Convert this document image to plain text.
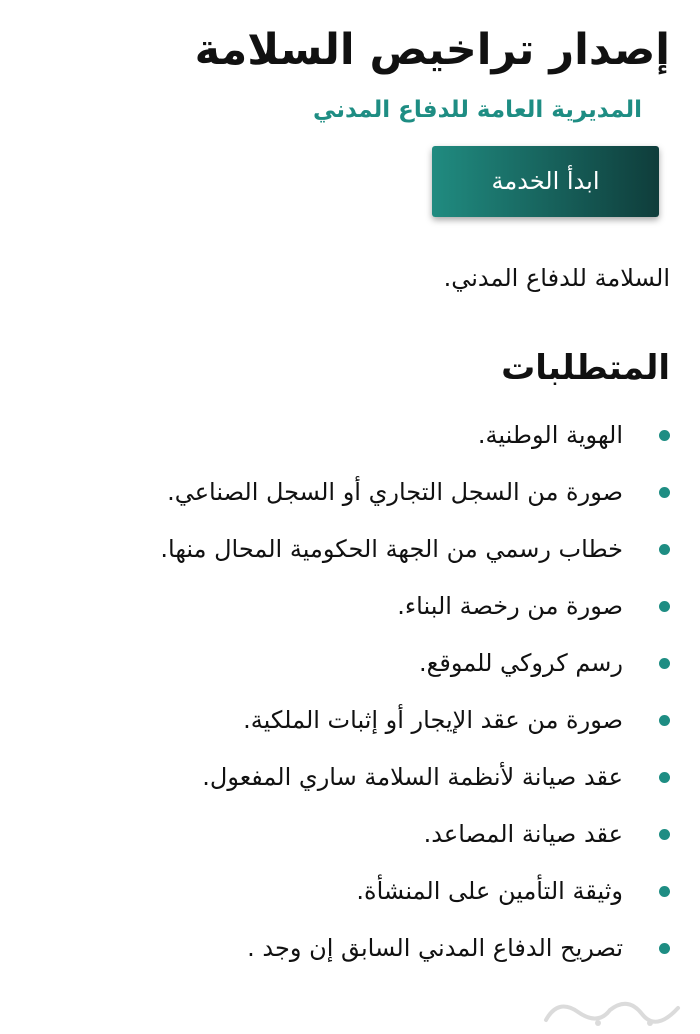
إصدار تراخيص السلامة
المديرية العامة للدفاع المدني
ابدأ الخدمة

السلامة للدفاع المدني.

المتطلبات
الهوية الوطنية.
صورة من السجل التجاري أو السجل الصناعي.
خطاب رسمي من الجهة الحكومية المحال منها.
صورة من رخصة البناء.
رسم كروكي للموقع.
صورة من عقد الإيجار أو إثبات الملكية.
عقد صيانة لأنظمة السلامة ساري المفعول.
عقد صيانة المصاعد.
وثيقة التأمين على المنشأة.
تصريح الدفاع المدني السابق إن وجد .
